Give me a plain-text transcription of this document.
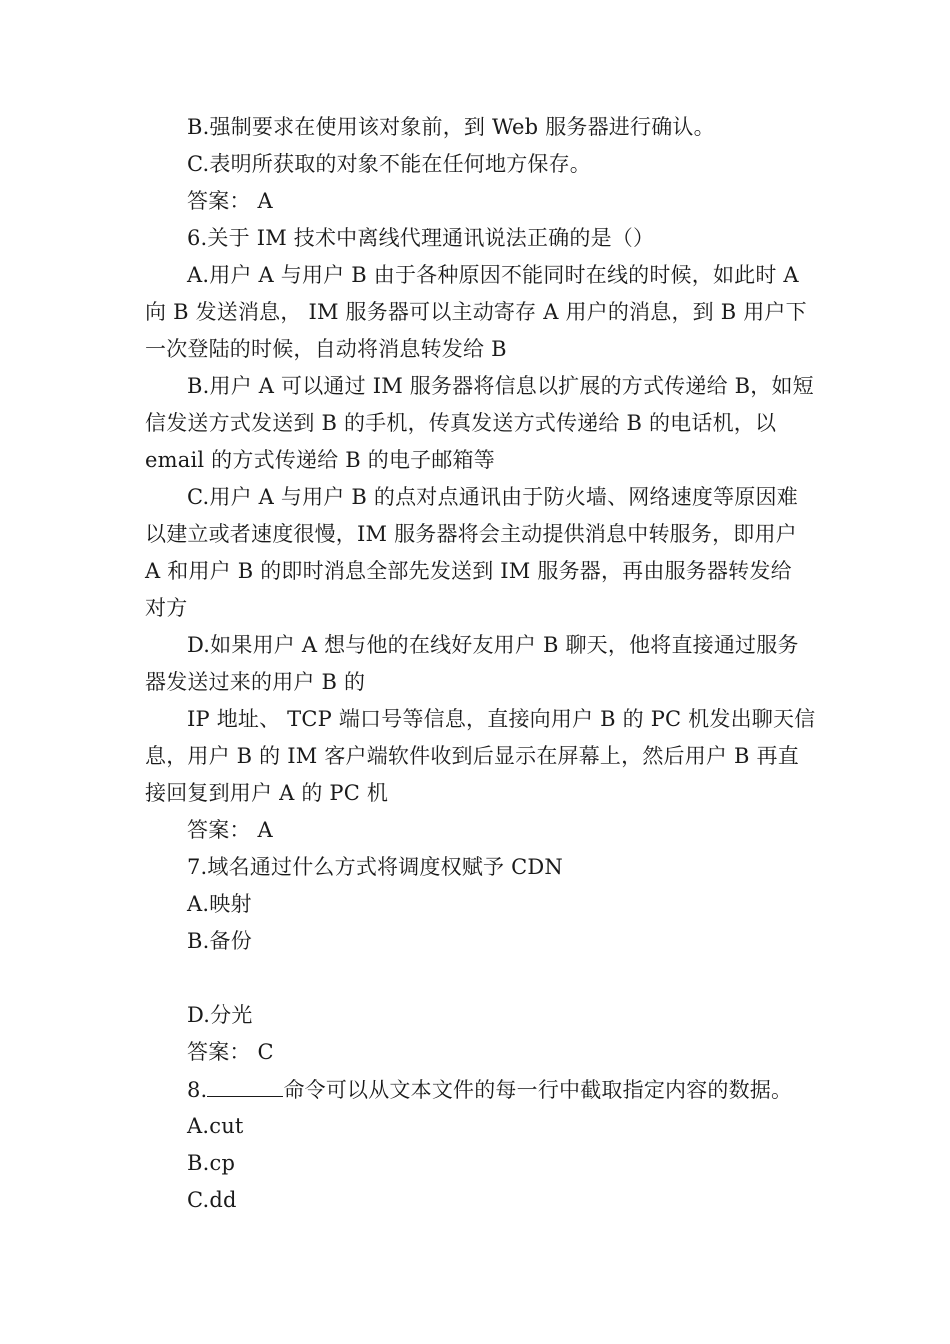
B.强制要求在使用该对象前，到 Web 服务器进行确认。
C.表明所获取的对象不能在任何地方保存。
答案： A
6.关于 IM 技术中离线代理通讯说法正确的是（）
A.用户 A 与用户 B 由于各种原因不能同时在线的时候，如此时 A
向 B 发送消息， IM 服务器可以主动寄存 A 用户的消息，到 B 用户下
一次登陆的时候，自动将消息转发给 B
B.用户 A 可以通过 IM 服务器将信息以扩展的方式传递给 B，如短
信发送方式发送到 B 的手机，传真发送方式传递给 B 的电话机，以
email 的方式传递给 B 的电子邮箱等
C.用户 A 与用户 B 的点对点通讯由于防火墙、网络速度等原因难
以建立或者速度很慢，IM 服务器将会主动提供消息中转服务，即用户
A 和用户 B 的即时消息全部先发送到 IM 服务器，再由服务器转发给
对方
D.如果用户 A 想与他的在线好友用户 B 聊天，他将直接通过服务
器发送过来的用户 B 的
IP 地址、 TCP 端口号等信息，直接向用户 B 的 PC 机发出聊天信
息，用户 B 的 IM 客户端软件收到后显示在屏幕上，然后用户 B 再直
接回复到用户 A 的 PC 机
答案： A
7.域名通过什么方式将调度权赋予 CDN
A.映射
B.备份
D.分光
答案： C
8.	命令可以从文本文件的每一行中截取指定内容的数据。
A.cut
B.cp
C.dd
